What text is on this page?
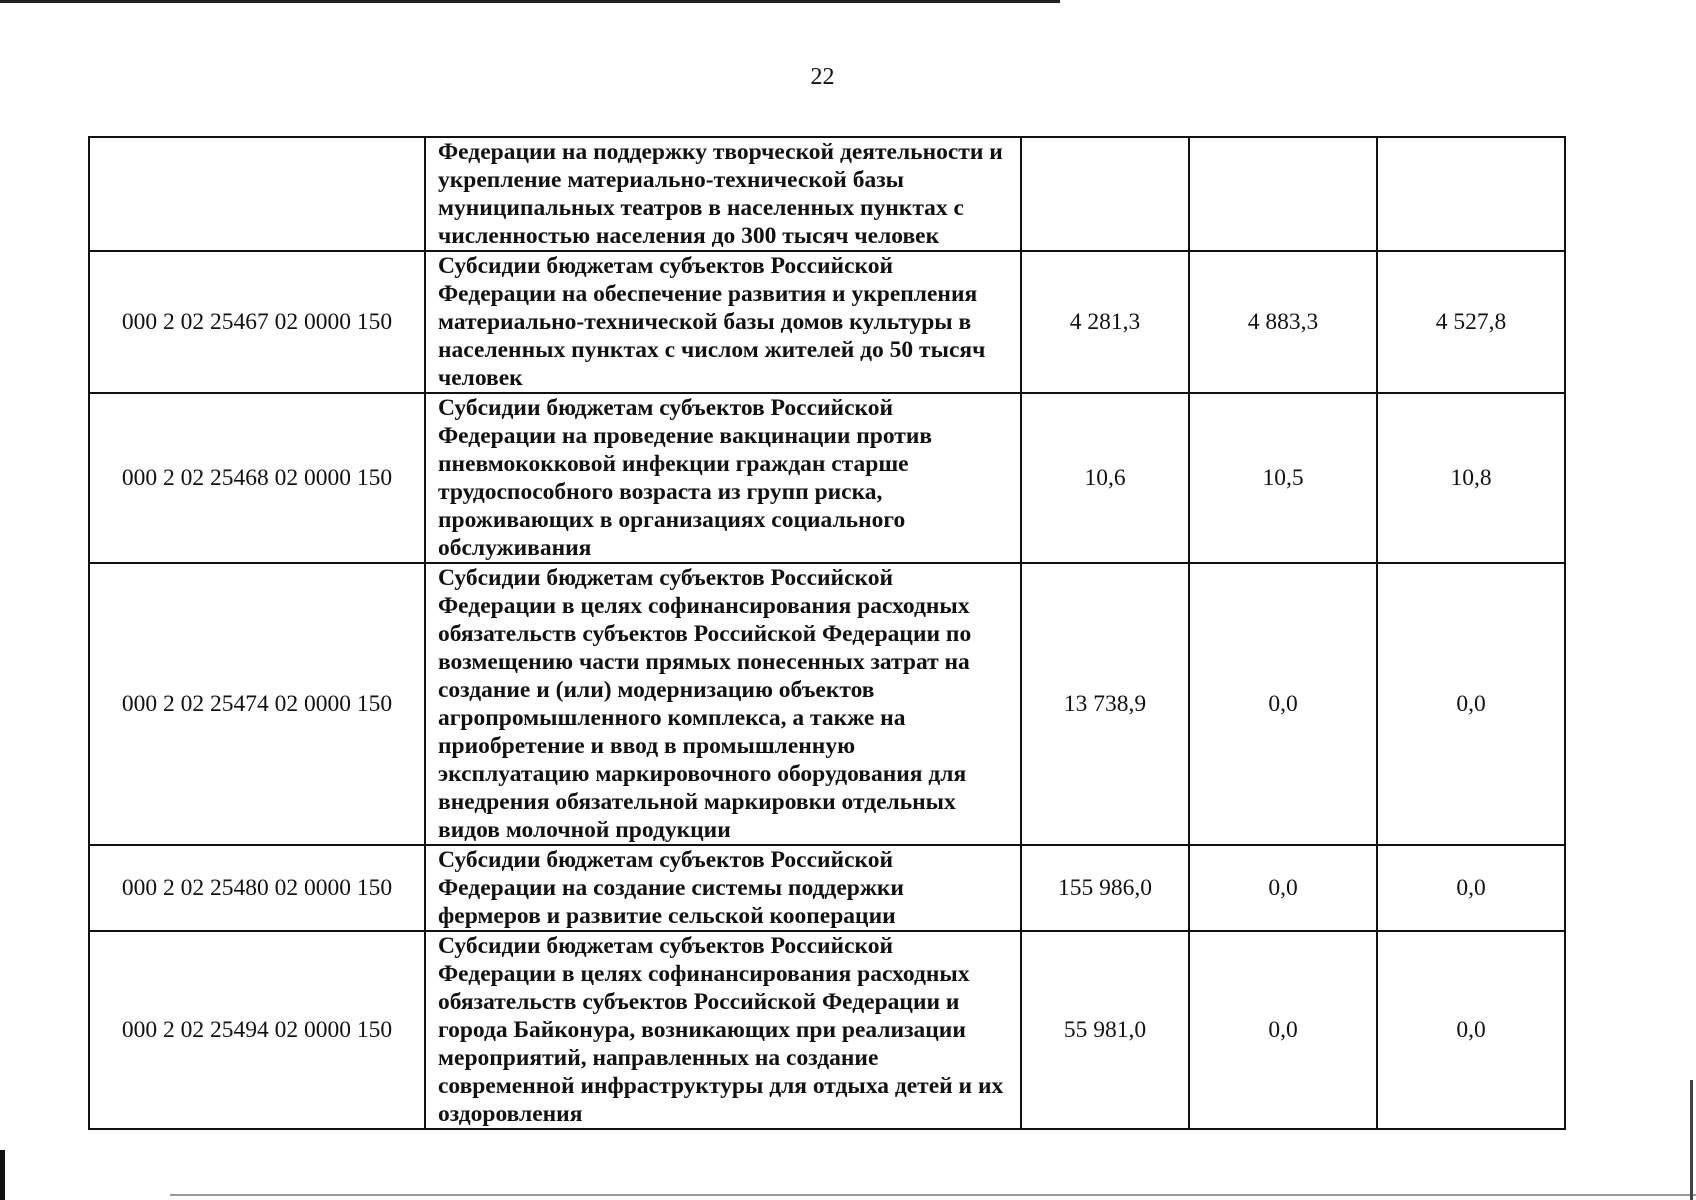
22
	Федерации на поддержку творческой деятельности и укрепление материально-технической базы муниципальных театров в населенных пунктах с численностью населения до 300 тысяч человек			
000 2 02 25467 02 0000 150	Субсидии бюджетам субъектов Российской Федерации на обеспечение развития и укрепления материально-технической базы домов культуры в населенных пунктах с числом жителей до 50 тысяч человек	4 281,3	4 883,3	4 527,8
000 2 02 25468 02 0000 150	Субсидии бюджетам субъектов Российской Федерации на проведение вакцинации против пневмококковой инфекции граждан старше трудоспособного возраста из групп риска, проживающих в организациях социального обслуживания	10,6	10,5	10,8
000 2 02 25474 02 0000 150	Субсидии бюджетам субъектов Российской Федерации в целях софинансирования расходных обязательств субъектов Российской Федерации по возмещению части прямых понесенных затрат на создание и (или) модернизацию объектов агропромышленного комплекса, а также на приобретение и ввод в промышленную эксплуатацию маркировочного оборудования для внедрения обязательной маркировки отдельных видов молочной продукции	13 738,9	0,0	0,0
000 2 02 25480 02 0000 150	Субсидии бюджетам субъектов Российской Федерации на создание системы поддержки фермеров и развитие сельской кооперации	155 986,0	0,0	0,0
000 2 02 25494 02 0000 150	Субсидии бюджетам субъектов Российской Федерации в целях софинансирования расходных обязательств субъектов Российской Федерации и города Байконура, возникающих при реализации мероприятий, направленных на создание современной инфраструктуры для отдыха детей и их оздоровления	55 981,0	0,0	0,0
